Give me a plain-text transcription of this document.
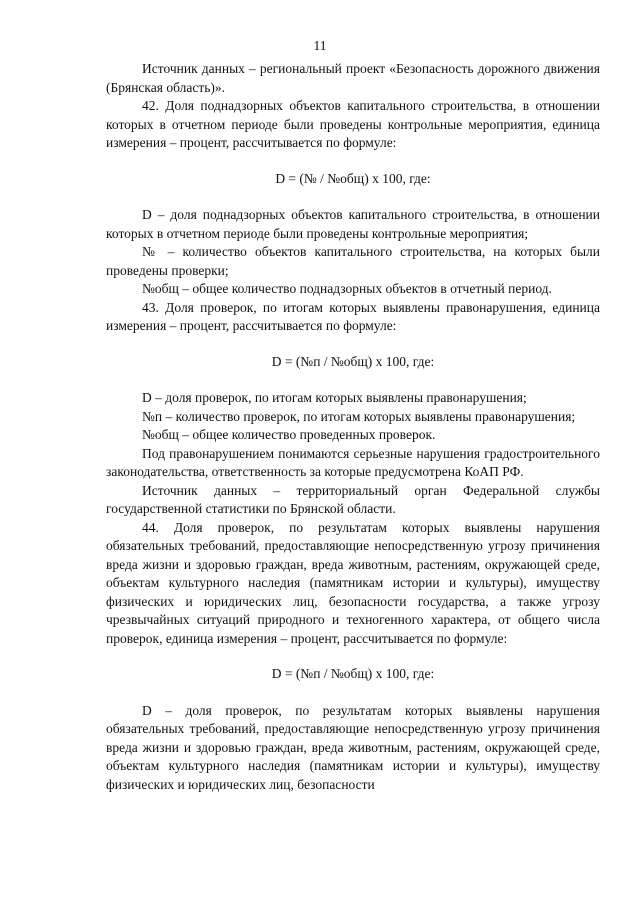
11

Источник данных – региональный проект «Безопасность дорожного движения (Брянская область)».

42. Доля поднадзорных объектов капитального строительства, в отношении которых в отчетном периоде были проведены контрольные мероприятия, единица измерения – процент, рассчитывается по формуле:

D = (№ / №общ) х 100, где:

D – доля поднадзорных объектов капитального строительства, в отношении которых в отчетном периоде были проведены контрольные мероприятия;

№ – количество объектов капитального строительства, на которых были проведены проверки;

№общ – общее количество поднадзорных объектов в отчетный период.

43. Доля проверок, по итогам которых выявлены правонарушения, единица измерения – процент, рассчитывается по формуле:

D = (№п / №общ) х 100, где:

D – доля проверок, по итогам которых выявлены правонарушения;

№п – количество проверок, по итогам которых выявлены правонарушения;

№общ – общее количество проведенных проверок.

Под правонарушением понимаются серьезные нарушения градостроительного законодательства, ответственность за которые предусмотрена КоАП РФ.

Источник данных – территориальный орган Федеральной службы государственной статистики по Брянской области.

44. Доля проверок, по результатам которых выявлены нарушения обязательных требований, предоставляющие непосредственную угрозу причинения вреда жизни и здоровью граждан, вреда животным, растениям, окружающей среде, объектам культурного наследия (памятникам истории и культуры), имуществу физических и юридических лиц, безопасности государства, а также угрозу чрезвычайных ситуаций природного и техногенного характера, от общего числа проверок, единица измерения – процент, рассчитывается по формуле:

D = (№п / №общ) х 100, где:

D – доля проверок, по результатам которых выявлены нарушения обязательных требований, предоставляющие непосредственную угрозу причинения вреда жизни и здоровью граждан, вреда животным, растениям, окружающей среде, объектам культурного наследия (памятникам истории и культуры), имуществу физических и юридических лиц, безопасности
